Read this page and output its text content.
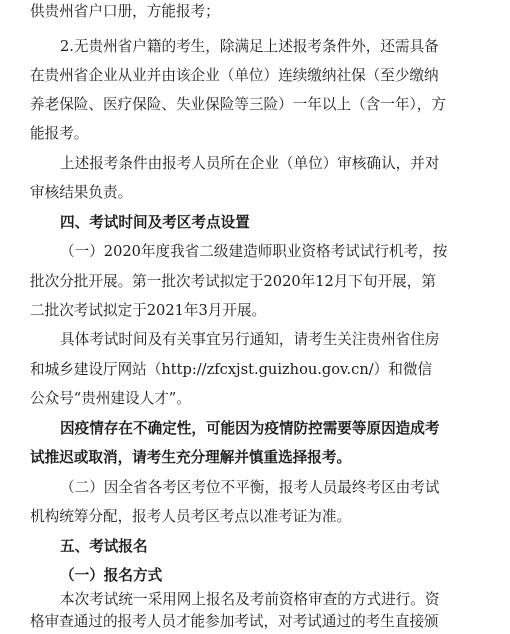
供贵州省户口册，方能报考；
2.无贵州省户籍的考生，除满足上述报考条件外，还需具备
在贵州省企业从业并由该企业（单位）连续缴纳社保（至少缴纳
养老保险、医疗保险、失业保险等三险）一年以上（含一年），方
能报考。
上述报考条件由报考人员所在企业（单位）审核确认，并对
审核结果负责。
四、考试时间及考区考点设置
（一）2020年度我省二级建造师职业资格考试试行机考，按
批次分批开展。第一批次考试拟定于2020年12月下旬开展，第
二批次考试拟定于2021年3月开展。
具体考试时间及有关事宜另行通知，请考生关注贵州省住房
和城乡建设厅网站（http://zfcxjst.guizhou.gov.cn/）和微信
公众号“贵州建设人才”。
因疫情存在不确定性，可能因为疫情防控需要等原因造成考
试推迟或取消，请考生充分理解并慎重选择报考。
（二）因全省各考区考位不平衡，报考人员最终考区由考试
机构统筹分配，报考人员考区考点以准考证为准。
五、考试报名
（一）报名方式
本次考试统一采用网上报名及考前资格审查的方式进行。资
格审查通过的报考人员才能参加考试，对考试通过的考生直接颁
